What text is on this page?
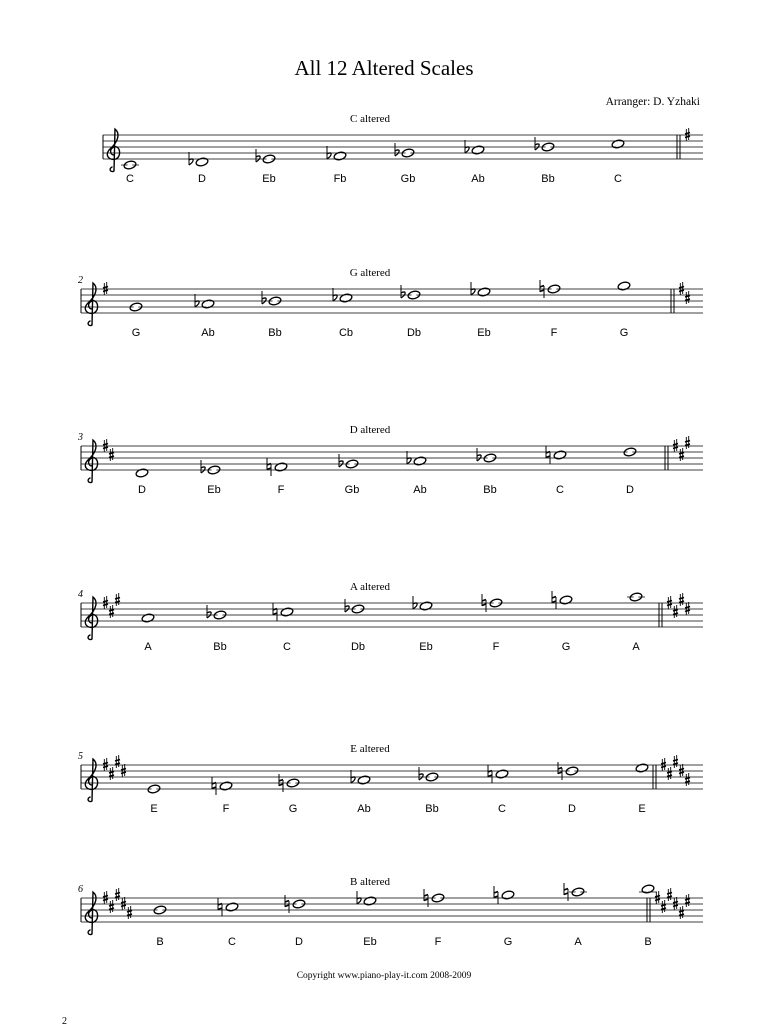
All 12 Altered Scales
Arranger: D. Yzhaki
C altered
C	D	Eb	Fb	Gb	Ab	Bb	C
2
G altered
G	Ab	Bb	Cb	Db	Eb	F	G
3
D altered
D	Eb	F	Gb	Ab	Bb	C	D
4
A altered
A	Bb	C	Db	Eb	F	G	A
5
E altered
E	F	G	Ab	Bb	C	D	E
6
B altered
B	C	D	Eb	F	G	A	B
Copyright www.piano-play-it.com 2008-2009
2
